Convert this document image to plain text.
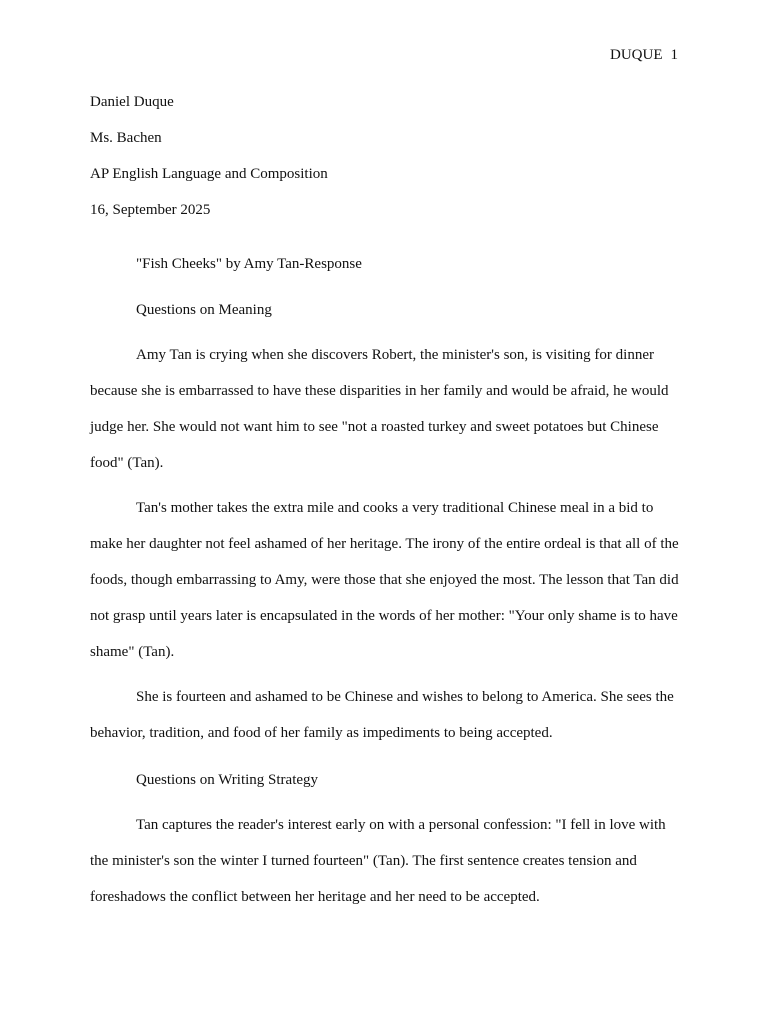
DUQUE 1
Daniel Duque
Ms. Bachen
AP English Language and Composition
16, September 2025
"Fish Cheeks" by Amy Tan-Response
Questions on Meaning

Amy Tan is crying when she discovers Robert, the minister's son, is visiting for dinner because she is embarrassed to have these disparities in her family and would be afraid, he would judge her. She would not want him to see "not a roasted turkey and sweet potatoes but Chinese food" (Tan).

Tan's mother takes the extra mile and cooks a very traditional Chinese meal in a bid to make her daughter not feel ashamed of her heritage. The irony of the entire ordeal is that all of the foods, though embarrassing to Amy, were those that she enjoyed the most. The lesson that Tan did not grasp until years later is encapsulated in the words of her mother: "Your only shame is to have shame" (Tan).

She is fourteen and ashamed to be Chinese and wishes to belong to America. She sees the behavior, tradition, and food of her family as impediments to being accepted.

Questions on Writing Strategy

Tan captures the reader's interest early on with a personal confession: "I fell in love with the minister's son the winter I turned fourteen" (Tan). The first sentence creates tension and foreshadows the conflict between her heritage and her need to be accepted.
